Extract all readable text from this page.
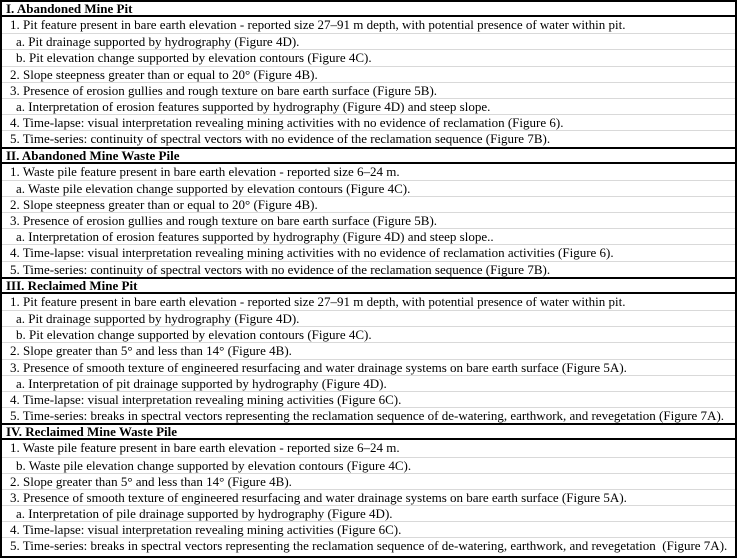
I. Abandoned Mine Pit
1. Pit feature present in bare earth elevation - reported size 27–91 m depth, with potential presence of water within pit.
a. Pit drainage supported by hydrography (Figure 4D).
b. Pit elevation change supported by elevation contours (Figure 4C).
2. Slope steepness greater than or equal to 20° (Figure 4B).
3. Presence of erosion gullies and rough texture on bare earth surface (Figure 5B).
a. Interpretation of erosion features supported by hydrography (Figure 4D) and steep slope.
4. Time-lapse: visual interpretation revealing mining activities with no evidence of reclamation (Figure 6).
5. Time-series: continuity of spectral vectors with no evidence of the reclamation sequence (Figure 7B).
II. Abandoned Mine Waste Pile
1. Waste pile feature present in bare earth elevation - reported size 6–24 m.
a. Waste pile elevation change supported by elevation contours (Figure 4C).
2. Slope steepness greater than or equal to 20° (Figure 4B).
3. Presence of erosion gullies and rough texture on bare earth surface (Figure 5B).
a. Interpretation of erosion features supported by hydrography (Figure 4D) and steep slope..
4. Time-lapse: visual interpretation revealing mining activities with no evidence of reclamation activities (Figure 6).
5. Time-series: continuity of spectral vectors with no evidence of the reclamation sequence (Figure 7B).
III. Reclaimed Mine Pit
1. Pit feature present in bare earth elevation - reported size 27–91 m depth, with potential presence of water within pit.
a. Pit drainage supported by hydrography (Figure 4D).
b. Pit elevation change supported by elevation contours (Figure 4C).
2. Slope greater than 5° and less than 14° (Figure 4B).
3. Presence of smooth texture of engineered resurfacing and water drainage systems on bare earth surface (Figure 5A).
a. Interpretation of pit drainage supported by hydrography (Figure 4D).
4. Time-lapse: visual interpretation revealing mining activities (Figure 6C).
5. Time-series: breaks in spectral vectors representing the reclamation sequence of de-watering, earthwork, and revegetation (Figure 7A).
IV. Reclaimed Mine Waste Pile
1. Waste pile feature present in bare earth elevation - reported size 6–24 m.
b. Waste pile elevation change supported by elevation contours (Figure 4C).
2. Slope greater than 5° and less than 14° (Figure 4B).
3. Presence of smooth texture of engineered resurfacing and water drainage systems on bare earth surface (Figure 5A).
a. Interpretation of pile drainage supported by hydrography (Figure 4D).
4. Time-lapse: visual interpretation revealing mining activities (Figure 6C).
5. Time-series: breaks in spectral vectors representing the reclamation sequence of de-watering, earthwork, and revegetation  (Figure 7A).
